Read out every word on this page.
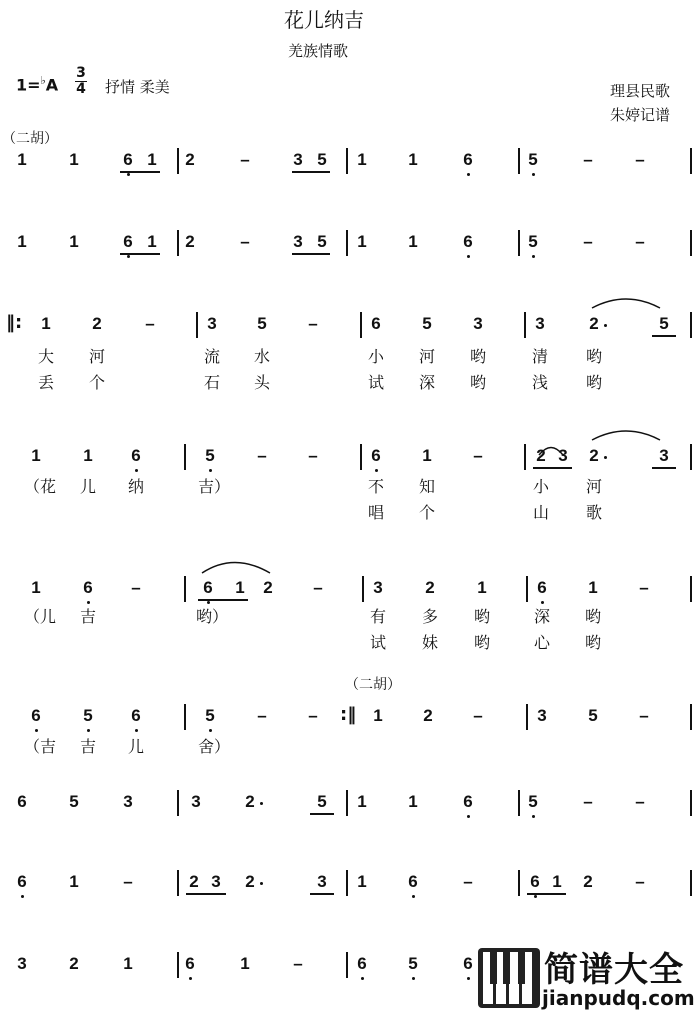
花儿纳吉
羌族情歌
1=♭A
3
4 抒情 柔美	理县民歌
朱婷记谱
（二胡）
1	1	6 1	2	–	3 5	1	1	6	5	–	–
1	1	6 1	2	–	3 5	1	1	6	5	–	–
‖:	1	2	–	3	5	–	6	5	3	3	2	5
1	1	6	5	–	–	6	1	–	2 3	2	3
1	6	–	6	1	2	–	3	2	1	6	1	–
6	5	6	5	–	–	:‖	1	2	–	3	5	–
6	5	3	3	2	5	1	1	6	5	–	–
6	1	–	2 3	2	3	1	6	–	6 1	2	–
3	2	1	6	1	–	6	5	6
大 河	流 水	小 河 哟	清 哟
丢 个	石 头	试 深 哟	浅 哟
（花 儿 纳	吉）	不 知	小 河
唱 个	山 歌
（儿 吉	哟）	有 多 哟	深 哟
试 妹 哟	心 哟
（吉 吉 儿	舍）
（二胡）
简谱大全
jianpudq.com
